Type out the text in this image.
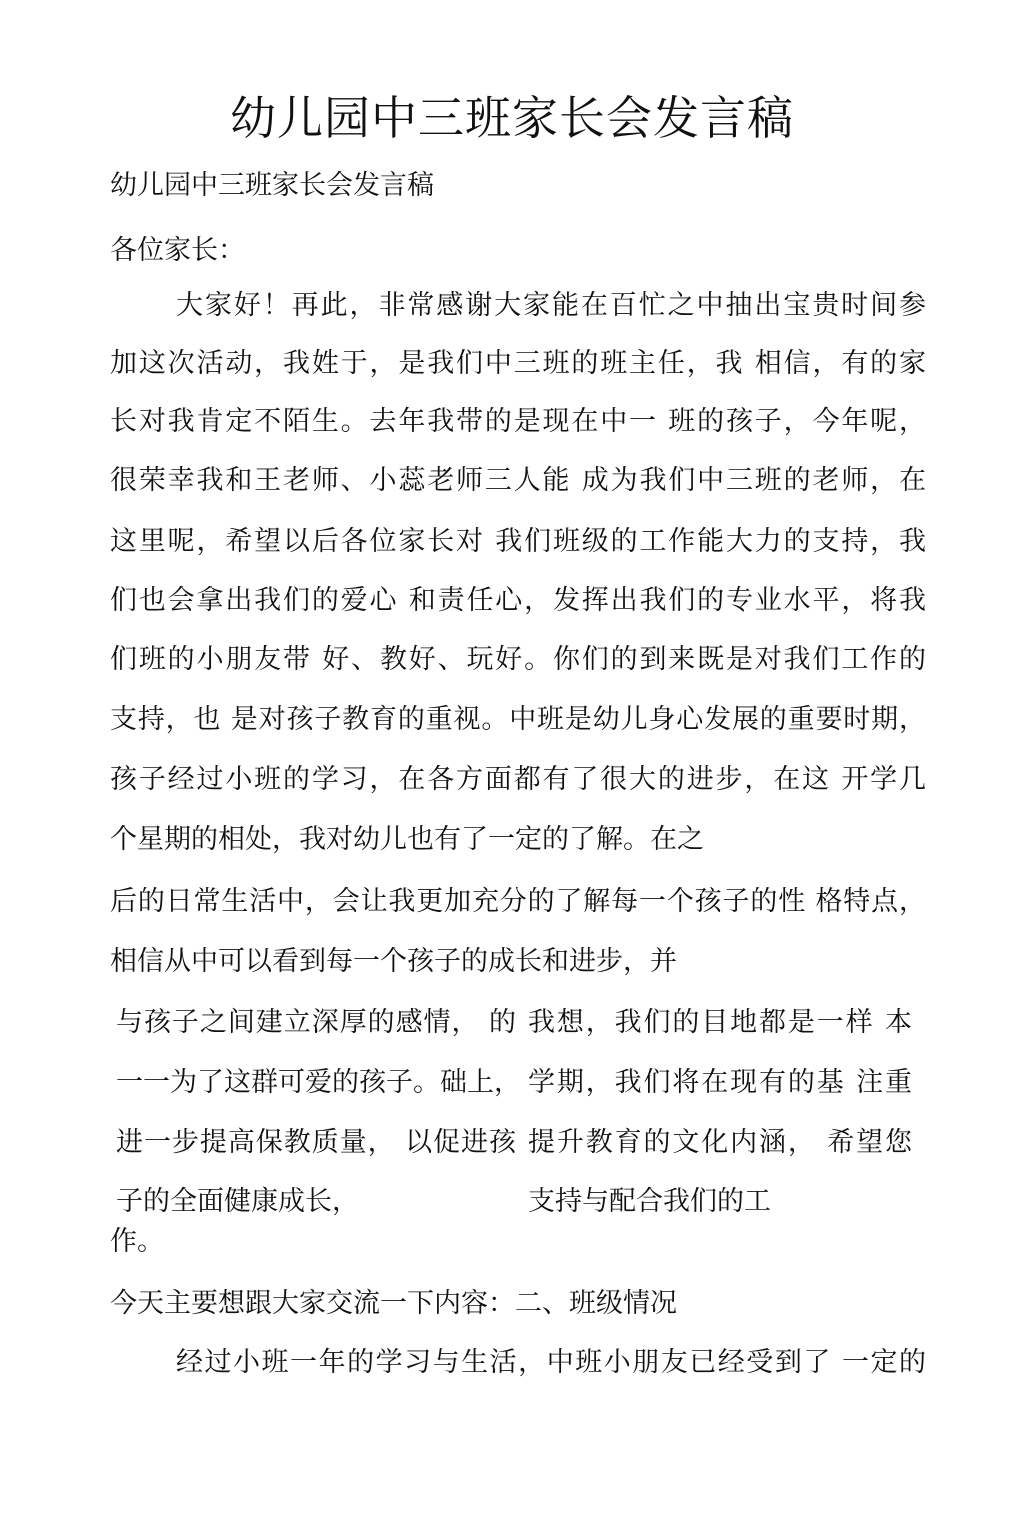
幼儿园中三班家长会发言稿
幼儿园中三班家长会发言稿
各位家长：
大家好！再此，非常感谢大家能在百忙之中抽出宝贵时间参
加这次活动，我姓于，是我们中三班的班主任，我 相信，有的家
长对我肯定不陌生。去年我带的是现在中一 班的孩子，今年呢，
很荣幸我和王老师、小蕊老师三人能 成为我们中三班的老师，在
这里呢，希望以后各位家长对 我们班级的工作能大力的支持，我
们也会拿出我们的爱心 和责任心，发挥出我们的专业水平，将我
们班的小朋友带 好、教好、玩好。你们的到来既是对我们工作的
支持，也 是对孩子教育的重视。中班是幼儿身心发展的重要时期，
孩子经过小班的学习，在各方面都有了很大的进步，在这 开学几
个星期的相处，我对幼儿也有了一定的了解。在之
后的日常生活中，会让我更加充分的了解每一个孩子的性 格特点，
相信从中可以看到每一个孩子的成长和进步，并
与孩子之间建立深厚的感情， 的 我想，我们的目地都是一样 本
一一为了这群可爱的孩子。础上， 学期，我们将在现有的基 注重
进一步提高保教质量， 以促进孩 提升教育的文化内涵， 希望您
子的全面健康成长，	支持与配合我们的工
作。
今天主要想跟大家交流一下内容：二、班级情况
经过小班一年的学习与生活，中班小朋友已经受到了 一定的
